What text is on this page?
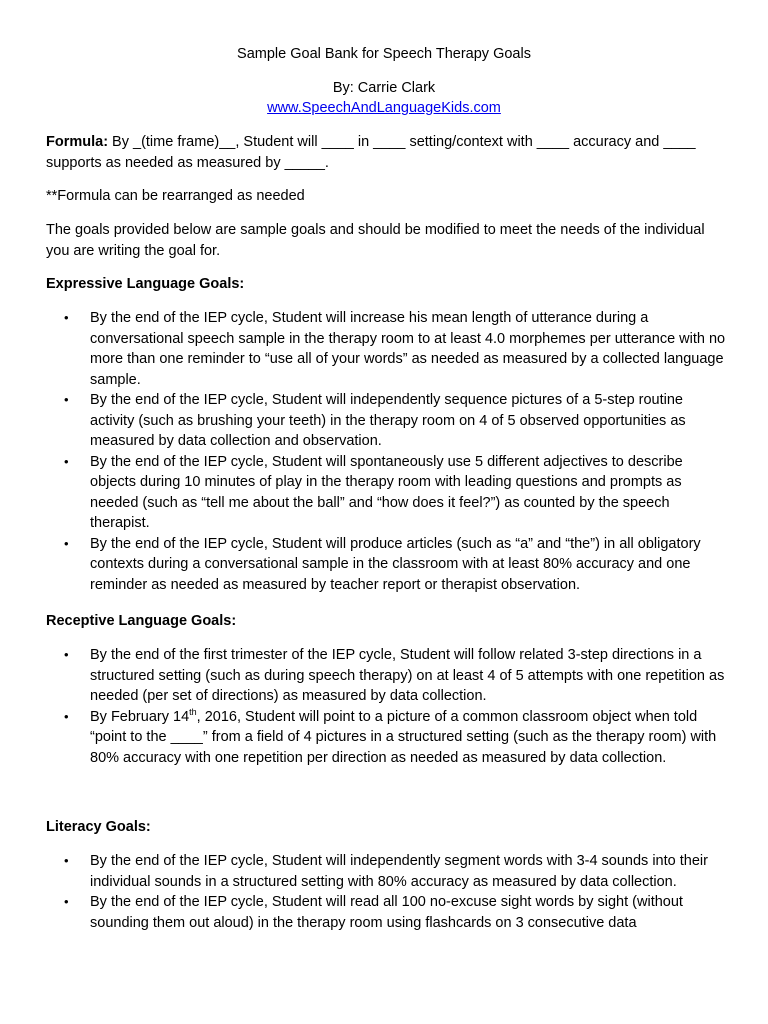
Sample Goal Bank for Speech Therapy Goals

By: Carrie Clark

www.SpeechAndLanguageKids.com

Formula: By _(time frame)__, Student will ____ in ____ setting/context with ____ accuracy and ____ supports as needed as measured by _____.

**Formula can be rearranged as needed

The goals provided below are sample goals and should be modified to meet the needs of the individual you are writing the goal for.

Expressive Language Goals:

• By the end of the IEP cycle, Student will increase his mean length of utterance during a conversational speech sample in the therapy room to at least 4.0 morphemes per utterance with no more than one reminder to “use all of your words” as needed as measured by a collected language sample.
• By the end of the IEP cycle, Student will independently sequence pictures of a 5-step routine activity (such as brushing your teeth) in the therapy room on 4 of 5 observed opportunities as measured by data collection and observation.
• By the end of the IEP cycle, Student will spontaneously use 5 different adjectives to describe objects during 10 minutes of play in the therapy room with leading questions and prompts as needed (such as “tell me about the ball” and “how does it feel?”) as counted by the speech therapist.
• By the end of the IEP cycle, Student will produce articles (such as “a” and “the”) in all obligatory contexts during a conversational sample in the classroom with at least 80% accuracy and one reminder as needed as measured by teacher report or therapist observation.

Receptive Language Goals:

• By the end of the first trimester of the IEP cycle, Student will follow related 3-step directions in a structured setting (such as during speech therapy) on at least 4 of 5 attempts with one repetition as needed (per set of directions) as measured by data collection.
• By February 14th, 2016, Student will point to a picture of a common classroom object when told “point to the ____” from a field of 4 pictures in a structured setting (such as the therapy room) with 80% accuracy with one repetition per direction as needed as measured by data collection.

Literacy Goals:

• By the end of the IEP cycle, Student will independently segment words with 3-4 sounds into their individual sounds in a structured setting with 80% accuracy as measured by data collection.
• By the end of the IEP cycle, Student will read all 100 no-excuse sight words by sight (without sounding them out aloud) in the therapy room using flashcards on 3 consecutive data
